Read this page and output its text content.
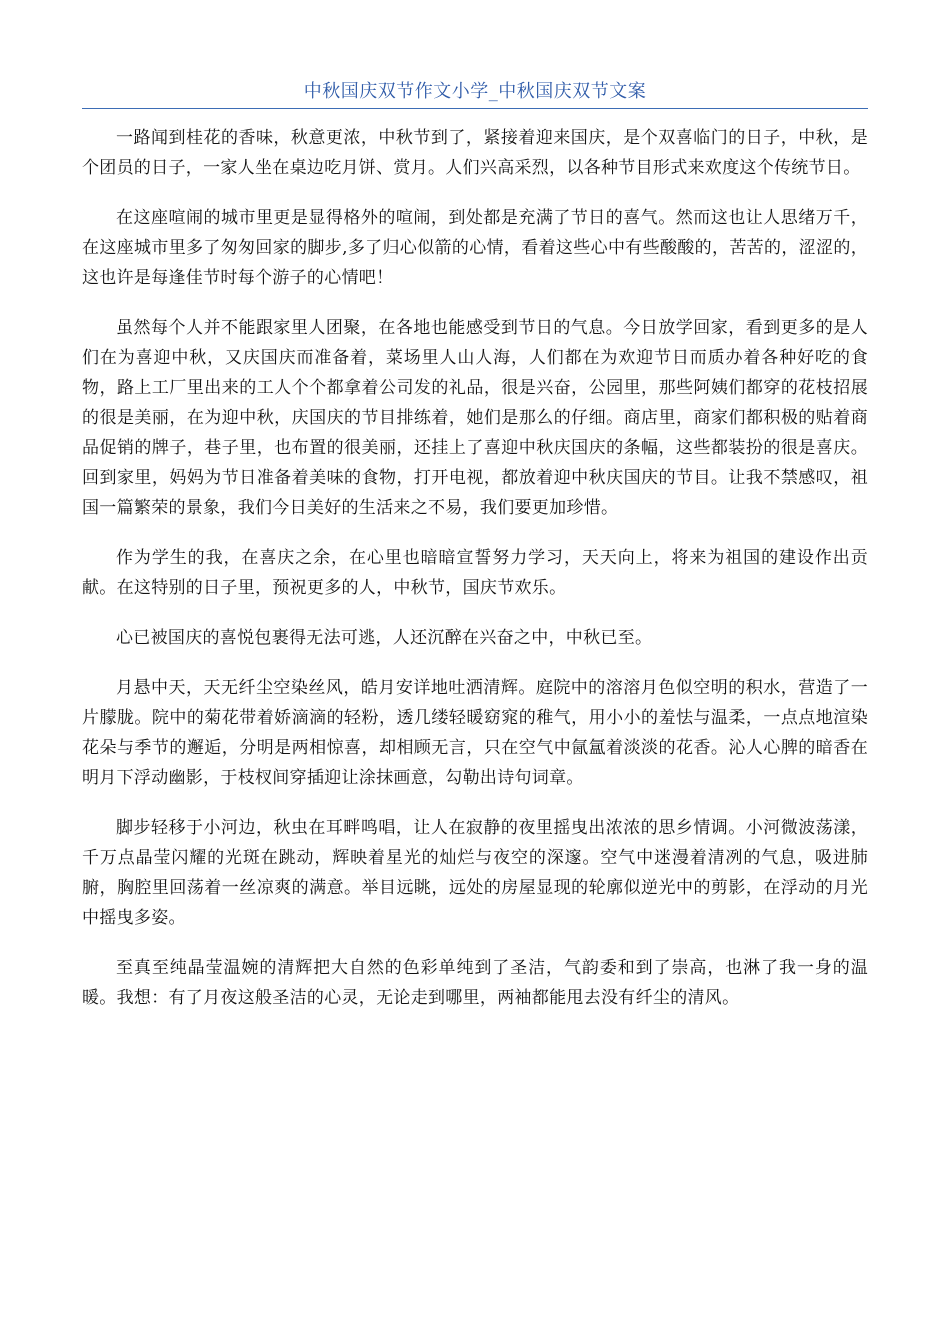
中秋国庆双节作文小学_中秋国庆双节文案

一路闻到桂花的香味，秋意更浓，中秋节到了，紧接着迎来国庆，是个双喜临门的日子，中秋，是个团员的日子，一家人坐在桌边吃月饼、赏月。人们兴高采烈，以各种节目形式来欢度这个传统节日。

在这座喧闹的城市里更是显得格外的喧闹，到处都是充满了节日的喜气。然而这也让人思绪万千，在这座城市里多了匆匆回家的脚步,多了归心似箭的心情，看着这些心中有些酸酸的，苦苦的，涩涩的，这也许是每逢佳节时每个游子的心情吧！

虽然每个人并不能跟家里人团聚，在各地也能感受到节日的气息。今日放学回家，看到更多的是人们在为喜迎中秋，又庆国庆而准备着，菜场里人山人海，人们都在为欢迎节日而质办着各种好吃的食物，路上工厂里出来的工人个个都拿着公司发的礼品，很是兴奋，公园里，那些阿姨们都穿的花枝招展的很是美丽，在为迎中秋，庆国庆的节目排练着，她们是那么的仔细。商店里，商家们都积极的贴着商品促销的牌子，巷子里，也布置的很美丽，还挂上了喜迎中秋庆国庆的条幅，这些都装扮的很是喜庆。回到家里，妈妈为节日准备着美味的食物，打开电视，都放着迎中秋庆国庆的节目。让我不禁感叹，祖国一篇繁荣的景象，我们今日美好的生活来之不易，我们要更加珍惜。

作为学生的我，在喜庆之余，在心里也暗暗宣誓努力学习，天天向上，将来为祖国的建设作出贡献。在这特别的日子里，预祝更多的人，中秋节，国庆节欢乐。

心已被国庆的喜悦包裹得无法可逃，人还沉醉在兴奋之中，中秋已至。

月悬中天，天无纤尘空染丝风，皓月安详地吐洒清辉。庭院中的溶溶月色似空明的积水，营造了一片朦胧。院中的菊花带着娇滴滴的轻粉，透几缕轻暖窈窕的稚气，用小小的羞怯与温柔，一点点地渲染花朵与季节的邂逅，分明是两相惊喜，却相顾无言，只在空气中氤氲着淡淡的花香。沁人心脾的暗香在明月下浮动幽影，于枝杈间穿插迎让涂抹画意，勾勒出诗句词章。

脚步轻移于小河边，秋虫在耳畔鸣唱，让人在寂静的夜里摇曳出浓浓的思乡情调。小河微波荡漾，千万点晶莹闪耀的光斑在跳动，辉映着星光的灿烂与夜空的深邃。空气中迷漫着清冽的气息，吸进肺腑，胸腔里回荡着一丝凉爽的满意。举目远眺，远处的房屋显现的轮廓似逆光中的剪影，在浮动的月光中摇曳多姿。

至真至纯晶莹温婉的清辉把大自然的色彩单纯到了圣洁，气韵委和到了崇高，也淋了我一身的温暖。我想：有了月夜这般圣洁的心灵，无论走到哪里，两袖都能甩去没有纤尘的清风。
